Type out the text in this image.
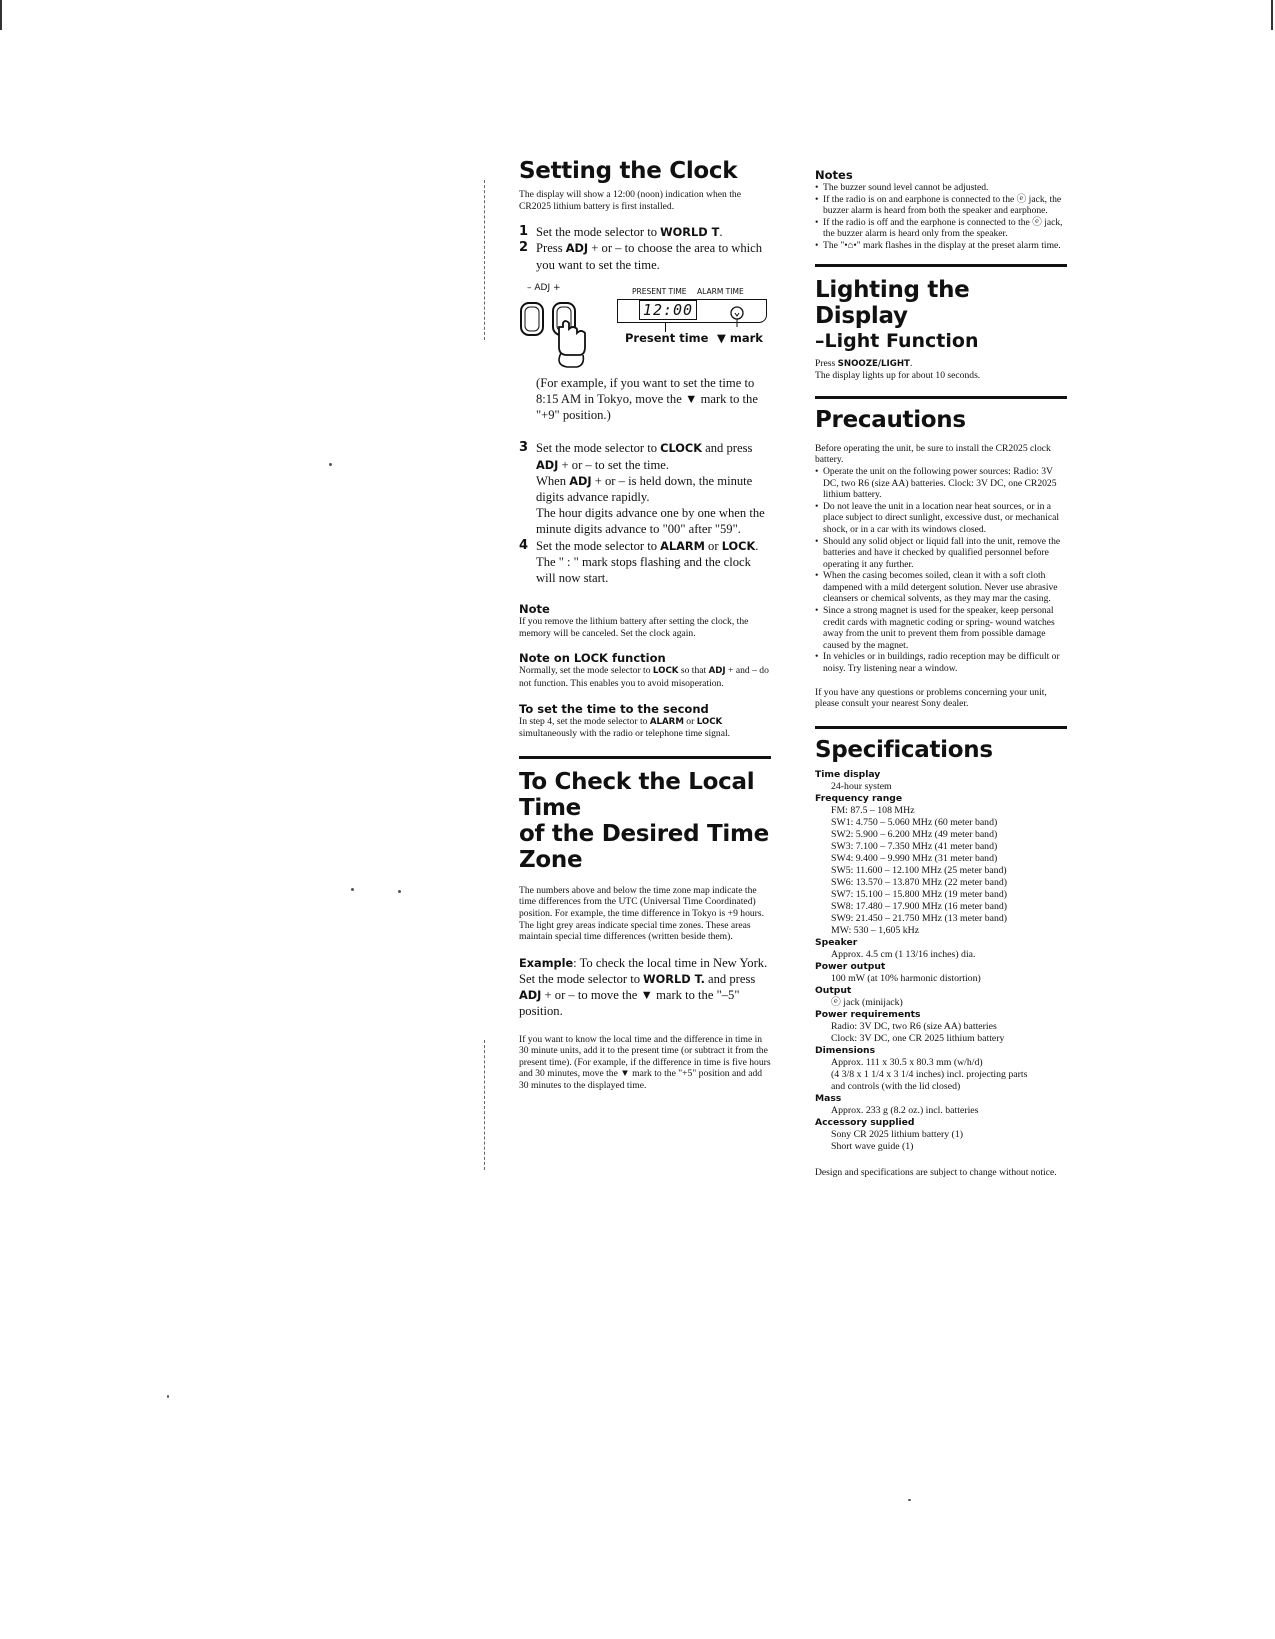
Setting the Clock

The display will show a 12:00 (noon) indication when the CR2025 lithium battery is first installed.

1 Set the mode selector to WORLD T.

2 Press ADJ + or – to choose the area to which you want to set the time.

– ADJ +	PRESENT TIME ALARM TIME
12:00
Present time ▼ mark

(For example, if you want to set the time to 8:15 AM in Tokyo, move the ▼ mark to the "+9" position.)

3 Set the mode selector to CLOCK and press ADJ + or – to set the time.
When ADJ + or – is held down, the minute digits advance rapidly.
The hour digits advance one by one when the minute digits advance to "00" after "59".

4 Set the mode selector to ALARM or LOCK. The " : " mark stops flashing and the clock will now start.

Note

If you remove the lithium battery after setting the clock, the memory will be canceled. Set the clock again.

Note on LOCK function

Normally, set the mode selector to LOCK so that ADJ + and – do not function. This enables you to avoid misoperation.

To set the time to the second

In step 4, set the mode selector to ALARM or LOCK simultaneously with the radio or telephone time signal.

To Check the Local Time
of the Desired Time
Zone

The numbers above and below the time zone map indicate the time differences from the UTC (Universal Time Coordinated) position. For example, the time difference in Tokyo is +9 hours.

The light grey areas indicate special time zones. These areas maintain special time differences (written beside them).

Example: To check the local time in New York.
Set the mode selector to WORLD T. and press ADJ + or – to move the ▼ mark to the "–5" position.

If you want to know the local time and the difference in time in 30 minute units, add it to the present time (or subtract it from the present time). (For example, if the difference in time is five hours and 30 minutes, move the ▼ mark to the "+5" position and add 30 minutes to the displayed time.

Notes
• The buzzer sound level cannot be adjusted.
• If the radio is on and earphone is connected to the ⓔ jack, the buzzer alarm is heard from both the speaker and earphone.
• If the radio is off and the earphone is connected to the ⓔ jack, the buzzer alarm is heard only from the speaker.
• The "•⌂•" mark flashes in the display at the preset alarm time.
Lighting the Display
–Light Function

Press SNOOZE/LIGHT.

The display lights up for about 10 seconds.

Precautions

Before operating the unit, be sure to install the CR2025 clock battery.

• Operate the unit on the following power sources: Radio: 3V DC, two R6 (size AA) batteries. Clock: 3V DC, one CR2025 lithium battery.
• Do not leave the unit in a location near heat sources, or in a place subject to direct sunlight, excessive dust, or mechanical shock, or in a car with its windows closed.
• Should any solid object or liquid fall into the unit, remove the batteries and have it checked by qualified personnel before operating it any further.
• When the casing becomes soiled, clean it with a soft cloth dampened with a mild detergent solution. Never use abrasive cleansers or chemical solvents, as they may mar the casing.
• Since a strong magnet is used for the speaker, keep personal credit cards with magnetic coding or spring- wound watches away from the unit to prevent them from possible damage caused by the magnet.
• In vehicles or in buildings, radio reception may be difficult or noisy. Try listening near a window.

If you have any questions or problems concerning your unit, please consult your nearest Sony dealer.

Specifications
Time display
24-hour system
Frequency range
FM: 87.5 – 108 MHz
SW1: 4.750 – 5.060 MHz (60 meter band)
SW2: 5.900 – 6.200 MHz (49 meter band)
SW3: 7.100 – 7.350 MHz (41 meter band)
SW4: 9.400 – 9.990 MHz (31 meter band)
SW5: 11.600 – 12.100 MHz (25 meter band)
SW6: 13.570 – 13.870 MHz (22 meter band)
SW7: 15.100 – 15.800 MHz (19 meter band)
SW8: 17.480 – 17.900 MHz (16 meter band)
SW9: 21.450 – 21.750 MHz (13 meter band)
MW: 530 – 1,605 kHz
Speaker
Approx. 4.5 cm (1 13/16 inches) dia.
Power output
100 mW (at 10% harmonic distortion)
Output
ⓔ jack (minijack)
Power requirements
Radio: 3V DC, two R6 (size AA) batteries
Clock: 3V DC, one CR 2025 lithium battery
Dimensions
Approx. 111 x 30.5 x 80.3 mm (w/h/d)
(4 3/8 x 1 1/4 x 3 1/4 inches) incl. projecting parts
and controls (with the lid closed)
Mass
Approx. 233 g (8.2 oz.) incl. batteries
Accessory supplied
Sony CR 2025 lithium battery (1)
Short wave guide (1)

Design and specifications are subject to change without notice.
